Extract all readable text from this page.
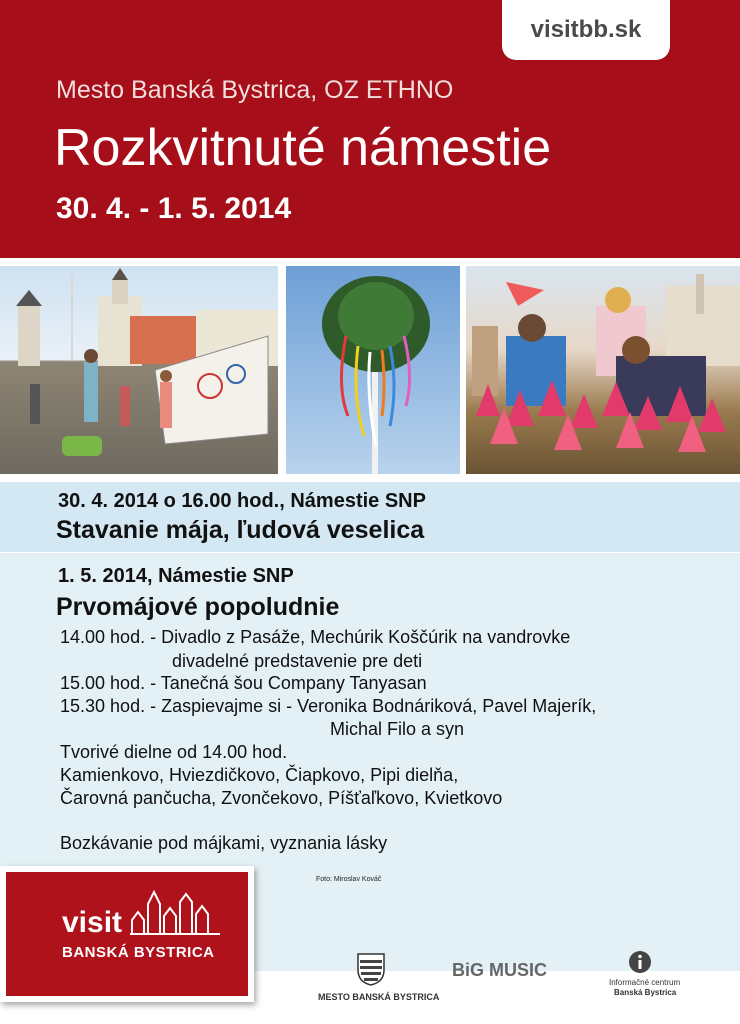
visitbb.sk
Mesto Banská Bystrica, OZ ETHNO
Rozkvitnuté námestie
30. 4. - 1. 5. 2014
30. 4. 2014 o 16.00 hod., Námestie SNP
Stavanie mája, ľudová veselica
1. 5. 2014, Námestie SNP
Prvomájové popoludnie
14.00 hod. - Divadlo z Pasáže, Mechúrik Koščúrik na vandrovke
divadelné predstavenie pre deti
15.00 hod. - Tanečná šou Company Tanyasan
15.30 hod. - Zaspievajme si - Veronika Bodnáriková, Pavel Majerík,
Michal Filo a syn
Tvorivé dielne od 14.00 hod.
Kamienkovo, Hviezdičkovo, Čiapkovo, Pipi dielňa,
Čarovná pančucha, Zvončekovo, Píšťaľkovo, Kvietkovo
Bozkávanie pod májkami, vyznania lásky
Foto: Miroslav Kováč
visit
BANSKÁ BYSTRICA
MESTO BANSKÁ BYSTRICA
BiG MUSIC
Informačné centrum
Banská Bystrica
